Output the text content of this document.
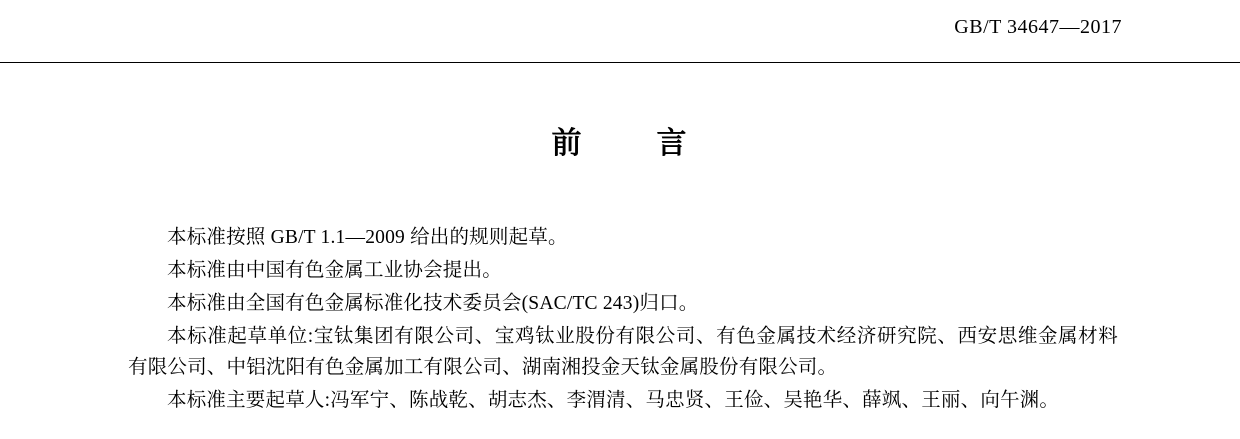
GB/T 34647—2017
前 言

本标准按照 GB/T 1.1—2009 给出的规则起草。

本标准由中国有色金属工业协会提出。

本标准由全国有色金属标准化技术委员会(SAC/TC 243)归口。

本标准起草单位:宝钛集团有限公司、宝鸡钛业股份有限公司、有色金属技术经济研究院、西安思维金属材料有限公司、中铝沈阳有色金属加工有限公司、湖南湘投金天钛金属股份有限公司。

本标准主要起草人:冯军宁、陈战乾、胡志杰、李渭清、马忠贤、王俭、吴艳华、薛飒、王丽、向午渊。
